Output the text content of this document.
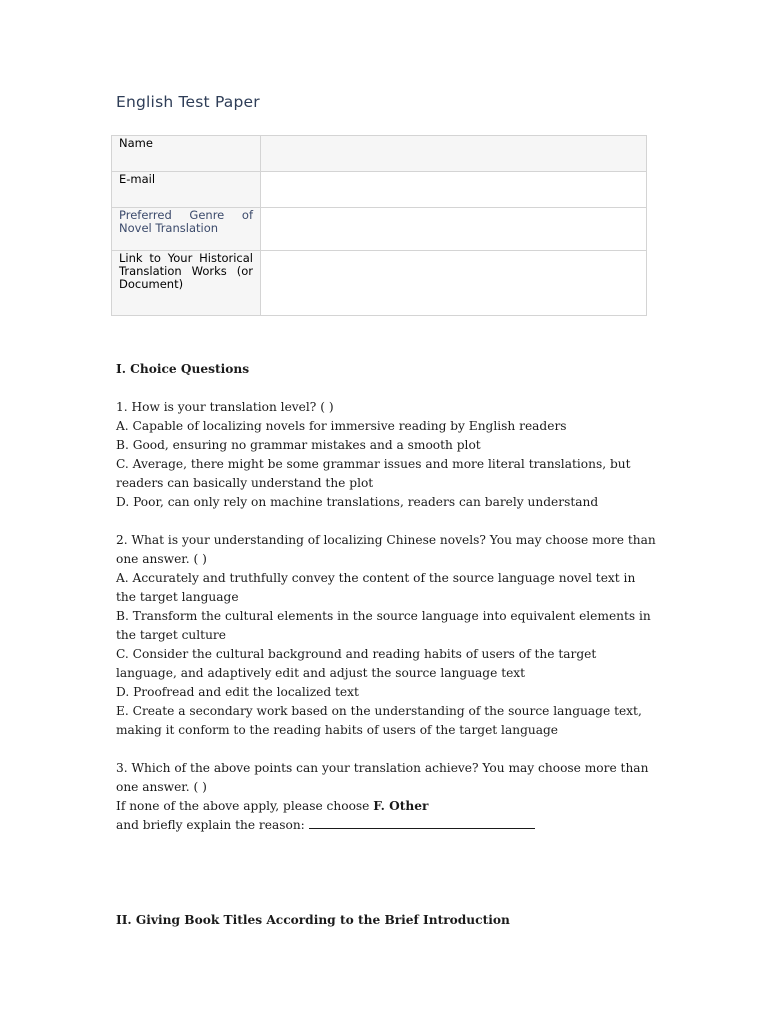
English Test Paper
Name	

E-mail	

Preferred Genre of Novel Translation	

Link to Your Historical Translation Works (or Document)	

I. Choice Questions

1. How is your translation level? ( )

A. Capable of localizing novels for immersive reading by English readers

B. Good, ensuring no grammar mistakes and a smooth plot

C. Average, there might be some grammar issues and more literal translations, but readers can basically understand the plot

D. Poor, can only rely on machine translations, readers can barely understand

2. What is your understanding of localizing Chinese novels? You may choose more than one answer. ( )

A. Accurately and truthfully convey the content of the source language novel text in the target language

B. Transform the cultural elements in the source language into equivalent elements in the target culture

C. Consider the cultural background and reading habits of users of the target language, and adaptively edit and adjust the source language text

D. Proofread and edit the localized text

E. Create a secondary work based on the understanding of the source language text, making it conform to the reading habits of users of the target language

3. Which of the above points can your translation achieve? You may choose more than one answer. ( )

If none of the above apply, please choose F. Other

and briefly explain the reason:

II. Giving Book Titles According to the Brief Introduction
